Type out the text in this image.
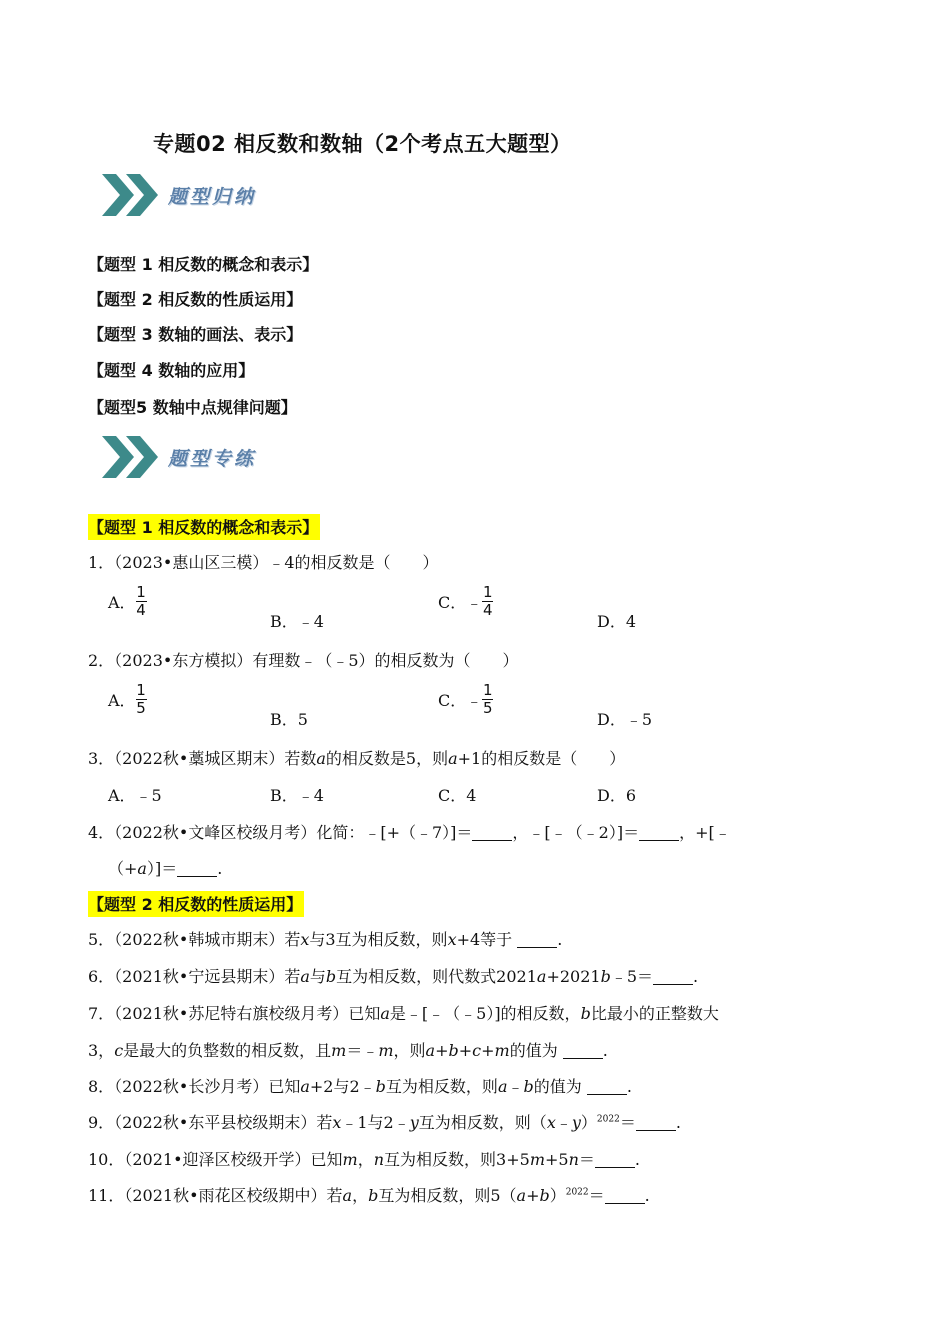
专题02 相反数和数轴（2个考点五大题型）
题型归纳
【题型 1 相反数的概念和表示】
【题型 2 相反数的性质运用】
【题型 3 数轴的画法、表示】
【题型 4 数轴的应用】
【题型5 数轴中点规律问题】
题型专练
【题型 1 相反数的概念和表示】
1．（2023•惠山区三模）﹣4的相反数是（　　）
A． $\frac{1}{4}$
B．﹣4
C．﹣ $\frac{1}{4}$
D．4
2．（2023•东方模拟）有理数﹣（﹣5）的相反数为（　　）
A． $\frac{1}{5}$
B．5
C．﹣ $\frac{1}{5}$
D．﹣5
3．（2022秋•藁城区期末）若数a的相反数是5，则a+1的相反数是（　　）
A．﹣5	B．﹣4	C．4	D．6
4．（2022秋•文峰区校级月考）化简：﹣[+（﹣7）]＝	，﹣[﹣（﹣2）]＝	，+[﹣
（+a）]＝	.
【题型 2 相反数的性质运用】
5．（2022秋•韩城市期末）若x与3互为相反数，则x+4等于	.
6．（2021秋•宁远县期末）若a与b互为相反数，则代数式2021a+2021b﹣5＝	.
7．（2021秋•苏尼特右旗校级月考）已知a是﹣[﹣（﹣5）]的相反数，b比最小的正整数大
3，c是最大的负整数的相反数，且m＝﹣m，则a+b+c+m的值为	.
8．（2022秋•长沙月考）已知a+2与2﹣b互为相反数，则a﹣b的值为	.
9．（2022秋•东平县校级期末）若x﹣1与2﹣y互为相反数，则（x﹣y）$^{2022}$＝	.
10．（2021•迎泽区校级开学）已知m，n互为相反数，则3+5m+5n＝	.
11．（2021秋•雨花区校级期中）若a，b互为相反数，则$5(a+b)^{2022}=$	.
